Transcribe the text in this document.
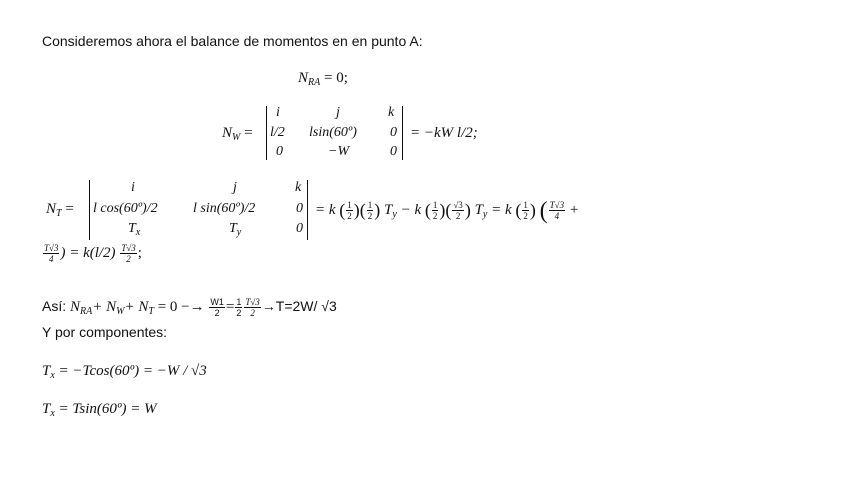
Consideremos ahora el balance de momentos en en punto A:
$N_{RA} = 0$;
$N_W$ =
i	j	k
l/2 lsin(60º) 0
0	−W	0
= −kW l/2;
$N_T$ =
i	j	k
l cos(60º)/2	l sin(60º)/2	0
$T_x$	$T_y$	0
= k ( $\frac{1}{2}$ )( $\frac{1}{2}$ ) $T_y - k$ ( $\frac{1}{2}$ )( $\frac{√3}{2}$ ) $T_y = k$ ( $\frac{1}{2}$ ) ( $\frac{T√3}{4}$ +
$\frac{T√3}{4}$ ) = $k(l/2) \frac{T√3}{2}$ ;
Así: $N_{RA}+ N_W+ N_T = 0 -\to \frac{W1}{2} = \frac{1}{2} \frac{T√3}{2} \to T=2W/$ √3
Y por componentes:
$T_x$ = −Tcos(60º) = −W / √3
$T_x$ = Tsin(60º) = W
